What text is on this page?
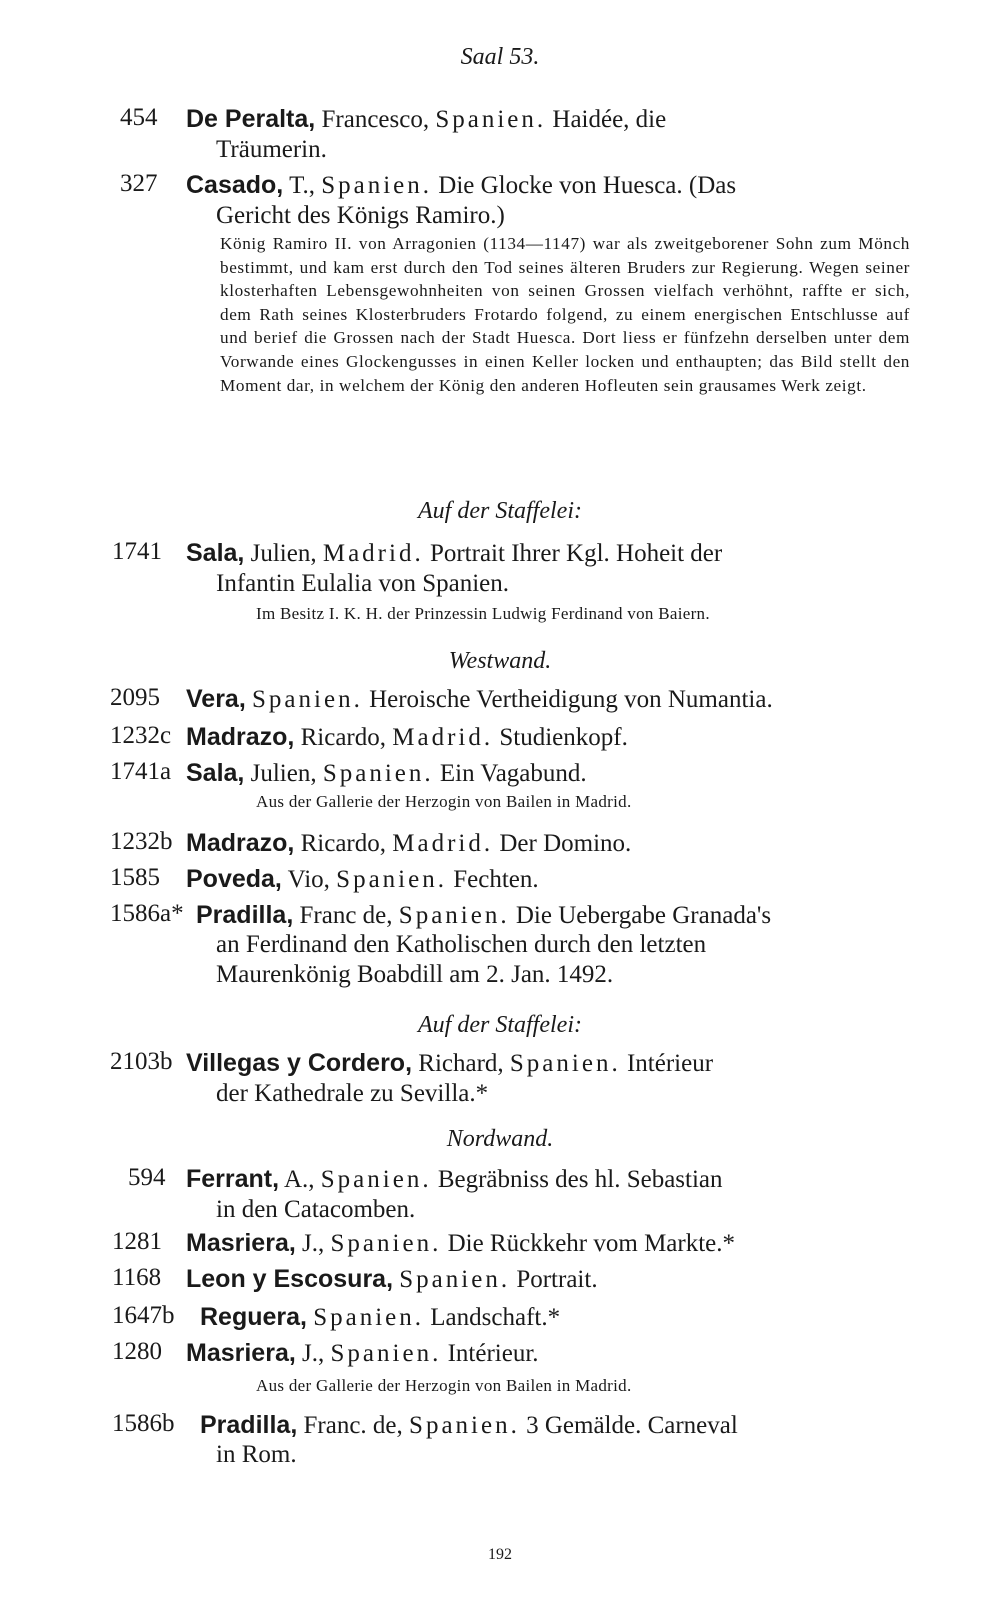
Saal 53.
454 De Peralta, Francesco, Spanien. Haidée, die
Träumerin.
327 Casado, T., Spanien. Die Glocke von Huesca. (Das
Gericht des Königs Ramiro.)
König Ramiro II. von Arragonien (1134—1147) war als zweitgeborener Sohn zum Mönch bestimmt, und kam erst durch den Tod seines älteren Bruders zur Regierung. Wegen seiner klosterhaften Lebensgewohnheiten von seinen Grossen vielfach verhöhnt, raffte er sich, dem Rath seines Klosterbruders Frotardo folgend, zu einem energischen Entschlusse auf und berief die Grossen nach der Stadt Huesca. Dort liess er fünfzehn derselben unter dem Vorwande eines Glockengusses in einen Keller locken und enthaupten; das Bild stellt den Moment dar, in welchem der König den anderen Hofleuten sein grausames Werk zeigt.
Auf der Staffelei:
1741 Sala, Julien, Madrid. Portrait Ihrer Kgl. Hoheit der
Infantin Eulalia von Spanien.
Im Besitz I. K. H. der Prinzessin Ludwig Ferdinand von Baiern.
Westwand.
2095 Vera, Spanien. Heroische Vertheidigung von Numantia.
1232c Madrazo, Ricardo, Madrid. Studienkopf.
1741a Sala, Julien, Spanien. Ein Vagabund.
Aus der Gallerie der Herzogin von Bailen in Madrid.
1232b Madrazo, Ricardo, Madrid. Der Domino.
1585 Poveda, Vio, Spanien. Fechten.
1586a* Pradilla, Franc de, Spanien. Die Uebergabe Granada's
an Ferdinand den Katholischen durch den letzten
Maurenkönig Boabdill am 2. Jan. 1492.
Auf der Staffelei:
2103b Villegas y Cordero, Richard, Spanien. Intérieur
der Kathedrale zu Sevilla.*
Nordwand.
594 Ferrant, A., Spanien. Begräbniss des hl. Sebastian
in den Catacomben.
1281 Masriera, J., Spanien. Die Rückkehr vom Markte.*
1168 Leon y Escosura, Spanien. Portrait.
1647b Reguera, Spanien. Landschaft.*
1280 Masriera, J., Spanien. Intérieur.
Aus der Gallerie der Herzogin von Bailen in Madrid.
1586b Pradilla, Franc. de, Spanien. 3 Gemälde. Carneval
in Rom.
192
